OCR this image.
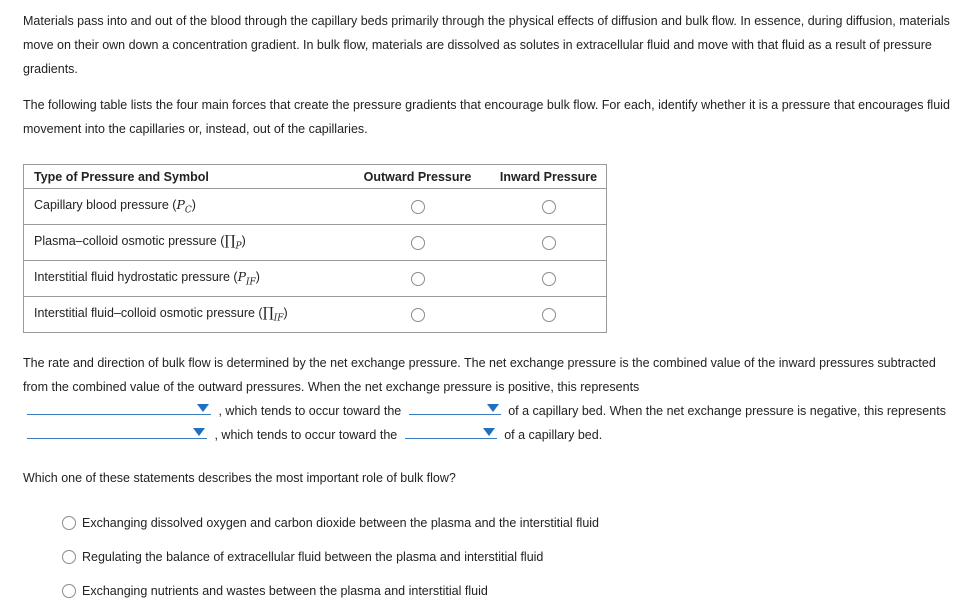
Materials pass into and out of the blood through the capillary beds primarily through the physical effects of diffusion and bulk flow. In essence, during diffusion, materials move on their own down a concentration gradient. In bulk flow, materials are dissolved as solutes in extracellular fluid and move with that fluid as a result of pressure gradients.
The following table lists the four main forces that create the pressure gradients that encourage bulk flow. For each, identify whether it is a pressure that encourages fluid movement into the capillaries or, instead, out of the capillaries.
Type of Pressure and Symbol	Outward Pressure	Inward Pressure
Capillary blood pressure $(P_C)$		
Plasma–colloid osmotic pressure $(\prod_P)$		
Interstitial fluid hydrostatic pressure $(P_{IF})$		
Interstitial fluid–colloid osmotic pressure $(\prod_{IF})$		
The rate and direction of bulk flow is determined by the net exchange pressure. The net exchange pressure is the combined value of the inward pressures subtracted from the combined value of the outward pressures. When the net exchange pressure is positive, this represents

, which tends to occur toward the	of a capillary bed. When the net exchange pressure is negative, this represents
, which tends to occur toward the	of a capillary bed.
Which one of these statements describes the most important role of bulk flow?
Exchanging dissolved oxygen and carbon dioxide between the plasma and the interstitial fluid
Regulating the balance of extracellular fluid between the plasma and interstitial fluid
Exchanging nutrients and wastes between the plasma and interstitial fluid
